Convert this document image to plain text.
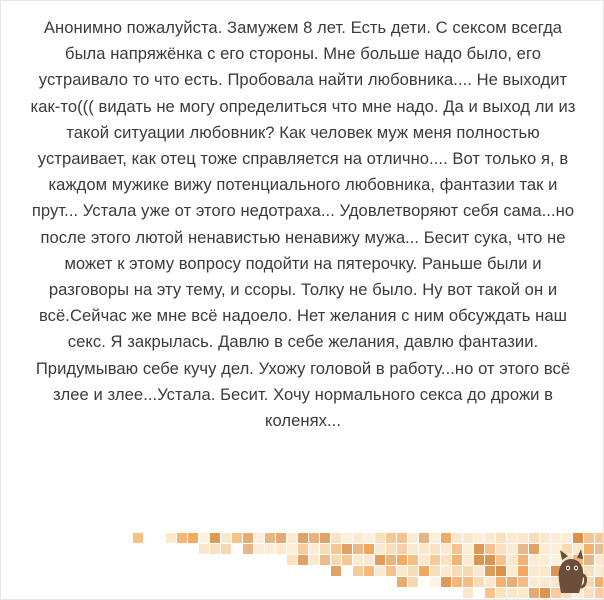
Анонимно пожалуйста. Замужем 8 лет. Есть дети. С сексом всегда была напряжёнка с его стороны. Мне больше надо было, его устраивало то что есть. Пробовала найти любовника.... Не выходит как-то((( видать не могу определиться что мне надо. Да и выход ли из такой ситуации любовник? Как человек муж меня полностью устраивает, как отец тоже справляется на отлично.... Вот только я, в каждом мужике вижу потенциального любовника, фантазии так и прут... Устала уже от этого недотраха... Удовлетворяют себя сама...но после этого лютой ненавистью ненавижу мужа... Бесит сука, что не может к этому вопросу подойти на пятерочку. Раньше были и разговоры на эту тему, и ссоры. Толку не было. Ну вот такой он и всё.Сейчас же мне всё надоело. Нет желания с ним обсуждать наш секс. Я закрылась. Давлю в себе желания, давлю фантазии. Придумываю себе кучу дел. Ухожу головой в работу...но от этого всё злее и злее...Устала. Бесит. Хочу нормального секса до дрожи в коленях...
